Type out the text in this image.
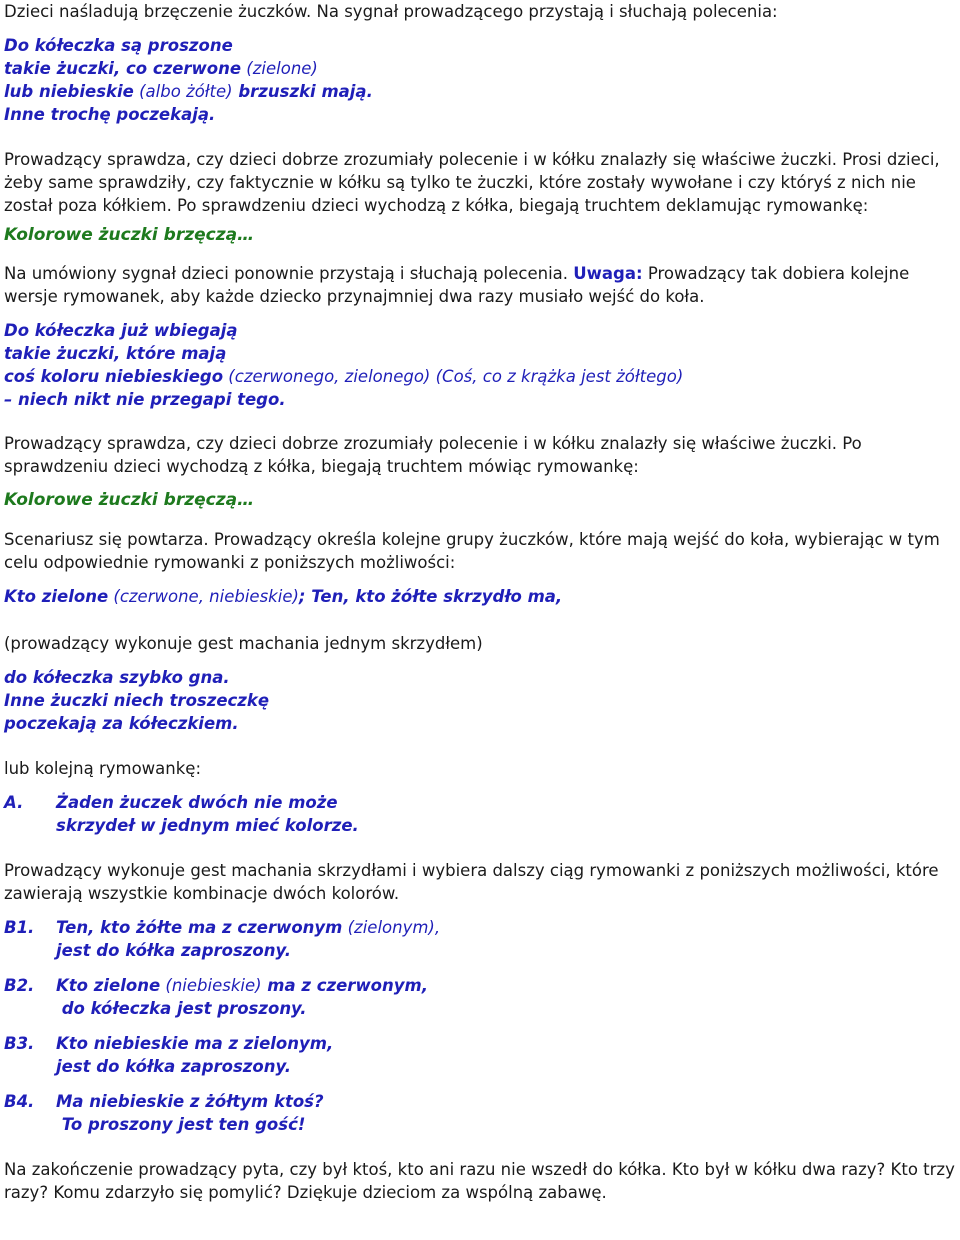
Dzieci naśladują brzęczenie żuczków. Na sygnał prowadzącego przystają i słuchają polecenia:

Do kółeczka są proszone

takie żuczki, co czerwone (zielone)

lub niebieskie (albo żółte) brzuszki mają.

Inne trochę poczekają.

Prowadzący sprawdza, czy dzieci dobrze zrozumiały polecenie i w kółku znalazły się właściwe żuczki. Prosi dzieci, żeby same sprawdziły, czy faktycznie w kółku są tylko te żuczki, które zostały wywołane i czy któryś z nich nie został poza kółkiem. Po sprawdzeniu dzieci wychodzą z kółka, biegają truchtem deklamując rymowankę:

Kolorowe żuczki brzęczą…

Na umówiony sygnał dzieci ponownie przystają i słuchają polecenia. Uwaga: Prowadzący tak dobiera kolejne wersje rymowanek, aby każde dziecko przynajmniej dwa razy musiało wejść do koła.

Do kółeczka już wbiegają

takie żuczki, które mają

coś koloru niebieskiego (czerwonego, zielonego) (Coś, co z krążka jest żółtego)

– niech nikt nie przegapi tego.

Prowadzący sprawdza, czy dzieci dobrze zrozumiały polecenie i w kółku znalazły się właściwe żuczki. Po sprawdzeniu dzieci wychodzą z kółka, biegają truchtem mówiąc rymowankę:

Kolorowe żuczki brzęczą…

Scenariusz się powtarza. Prowadzący określa kolejne grupy żuczków, które mają wejść do koła, wybierając w tym celu odpowiednie rymowanki z poniższych możliwości:

Kto zielone (czerwone, niebieskie); Ten, kto żółte skrzydło ma,

(prowadzący wykonuje gest machania jednym skrzydłem)

do kółeczka szybko gna.

Inne żuczki niech troszeczkę

poczekają za kółeczkiem.

lub kolejną rymowankę:

A.	Żaden żuczek dwóch nie może

skrzydeł w jednym mieć kolorze.

Prowadzący wykonuje gest machania skrzydłami i wybiera dalszy ciąg rymowanki z poniższych możliwości, które zawierają wszystkie kombinacje dwóch kolorów.

B1.	Ten, kto żółte ma z czerwonym (zielonym),

jest do kółka zaproszony.

B2.	Kto zielone (niebieskie) ma z czerwonym,

do kółeczka jest proszony.

B3.	Kto niebieskie ma z zielonym,

jest do kółka zaproszony.

B4.	Ma niebieskie z żółtym ktoś?

To proszony jest ten gość!

Na zakończenie prowadzący pyta, czy był ktoś, kto ani razu nie wszedł do kółka. Kto był w kółku dwa razy? Kto trzy razy? Komu zdarzyło się pomylić? Dziękuje dzieciom za wspólną zabawę.
